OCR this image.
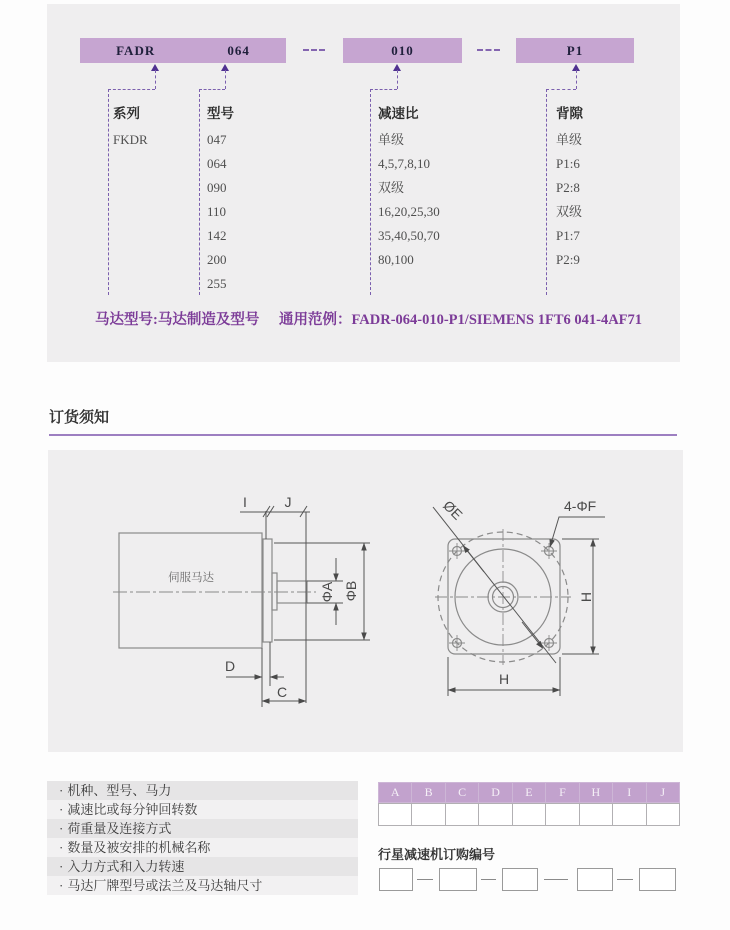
FADR	064	010	P1
系列
FKDR
型号
047
064
090
110
142
200
255
减速比
单级
4,5,7,8,10
双级
16,20,25,30
35,40,50,70
80,100
背隙
单级
P1:6
P2:8
双级
P1:7
P2:9
马达型号:马达制造及型号 通用范例：FADR-064-010-P1/SIEMENS 1FT6 041-4AF71
订货须知
I	J
ΦA ΦB
D
C
ØE	4-ΦF
H
H
伺服马达
· 机种、型号、马力
· 减速比或每分钟回转数
· 荷重量及连接方式
· 数量及被安排的机械名称
· 入力方式和入力转速
· 马达厂牌型号或法兰及马达轴尺寸
A	B	C	D	E	F	H	I	J
行星减速机订购编号
